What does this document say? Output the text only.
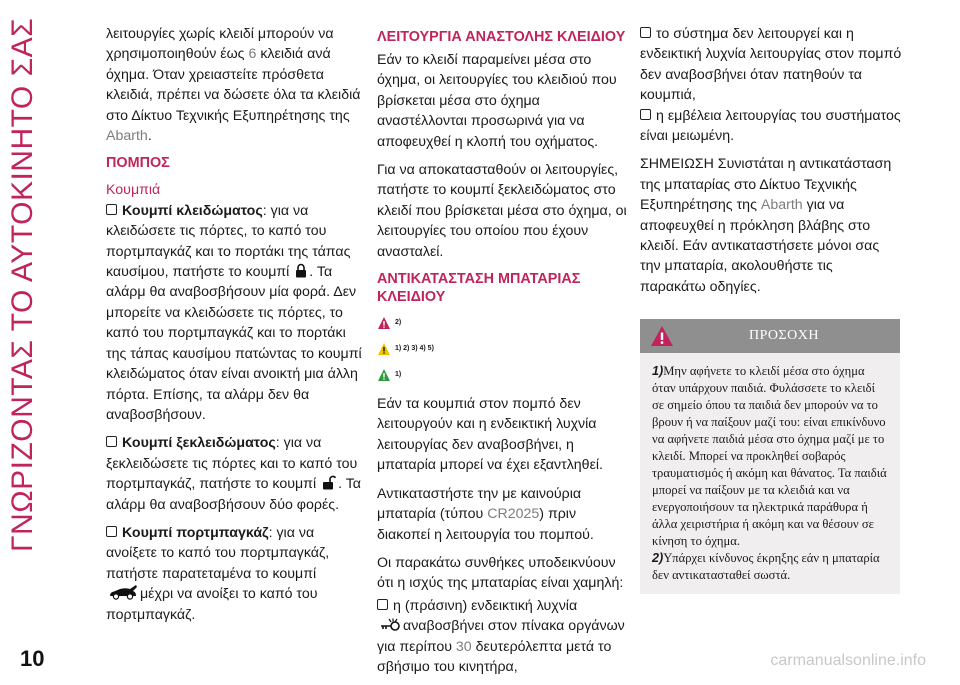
ΓΝΩΡΙΖΟΝΤΑΣ ΤΟ ΑΥΤΟΚΙΝΗΤΟ ΣΑΣ
10	carmanualsonline.info

λειτουργίες χωρίς κλειδί μπορούν να χρησιμοποιηθούν έως 6 κλειδιά ανά όχημα. Όταν χρειαστείτε πρόσθετα κλειδιά, πρέπει να δώσετε όλα τα κλειδιά στο Δίκτυο Τεχνικής Εξυπηρέτησης της Abarth.

ΠΟΜΠΟΣ
Κουμπιά

Κουμπί κλειδώματος: για να κλειδώσετε τις πόρτες, το καπό του πορτμπαγκάζ και το πορτάκι της τάπας καυσίμου, πατήστε το κουμπί . Τα αλάρμ θα αναβοσβήσουν μία φορά. Δεν μπορείτε να κλειδώσετε τις πόρτες, το καπό του πορτμπαγκάζ και το πορτάκι της τάπας καυσίμου πατώντας το κουμπί κλειδώματος όταν είναι ανοικτή μια άλλη πόρτα. Επίσης, τα αλάρμ δεν θα αναβοσβήσουν.

Κουμπί ξεκλειδώματος: για να ξεκλειδώσετε τις πόρτες και το καπό του πορτμπαγκάζ, πατήστε το κουμπί . Τα αλάρμ θα αναβοσβήσουν δύο φορές.

Κουμπί πορτμπαγκάζ: για να ανοίξετε το καπό του πορτμπαγκάζ, πατήστε παρατεταμένα το κουμπί
μέχρι να ανοίξει το καπό του πορτμπαγκάζ.

ΛΕΙΤΟΥΡΓΙΑ ΑΝΑΣΤΟΛΗΣ ΚΛΕΙΔΙΟΥ

Εάν το κλειδί παραμείνει μέσα στο όχημα, οι λειτουργίες του κλειδιού που βρίσκεται μέσα στο όχημα αναστέλλονται προσωρινά για να αποφευχθεί η κλοπή του οχήματος.

Για να αποκατασταθούν οι λειτουργίες, πατήστε το κουμπί ξεκλειδώματος στο κλειδί που βρίσκεται μέσα στο όχημα, οι λειτουργίες του οποίου που έχουν ανασταλεί.

ΑΝΤΙΚΑΤΑΣΤΑΣΗ ΜΠΑΤΑΡΙΑΣ ΚΛΕΙΔΙΟΥ
2)
1) 2) 3) 4) 5)
1)

Εάν τα κουμπιά στον πομπό δεν λειτουργούν και η ενδεικτική λυχνία λειτουργίας δεν αναβοσβήνει, η μπαταρία μπορεί να έχει εξαντληθεί.

Αντικαταστήστε την με καινούρια μπαταρία (τύπου CR2025) πριν διακοπεί η λειτουργία του πομπού.

Οι παρακάτω συνθήκες υποδεικνύουν ότι η ισχύς της μπαταρίας είναι χαμηλή:

η (πράσινη) ενδεικτική λυχνία
αναβοσβήνει στον πίνακα οργάνων για περίπου 30 δευτερόλεπτα μετά το σβήσιμο του κινητήρα,

το σύστημα δεν λειτουργεί και η ενδεικτική λυχνία λειτουργίας στον πομπό δεν αναβοσβήνει όταν πατηθούν τα κουμπιά,

η εμβέλεια λειτουργίας του συστήματος είναι μειωμένη.

ΣΗΜΕΙΩΣΗ Συνιστάται η αντικατάσταση της μπαταρίας στο Δίκτυο Τεχνικής Εξυπηρέτησης της Abarth για να αποφευχθεί η πρόκληση βλάβης στο κλειδί. Εάν αντικαταστήσετε μόνοι σας την μπαταρία, ακολουθήστε τις παρακάτω οδηγίες.

ΠΡΟΣΟΧΗ

1)Μην αφήνετε το κλειδί μέσα στο όχημα όταν υπάρχουν παιδιά. Φυλάσσετε το κλειδί σε σημείο όπου τα παιδιά δεν μπορούν να το βρουν ή να παίξουν μαζί του: είναι επικίνδυνο να αφήνετε παιδιά μέσα στο όχημα μαζί με το κλειδί. Μπορεί να προκληθεί σοβαρός τραυματισμός ή ακόμη και θάνατος. Τα παιδιά μπορεί να παίξουν με τα κλειδιά και να ενεργοποιήσουν τα ηλεκτρικά παράθυρα ή άλλα χειριστήρια ή ακόμη και να θέσουν σε κίνηση το όχημα.

2)Υπάρχει κίνδυνος έκρηξης εάν η μπαταρία δεν αντικατασταθεί σωστά.
